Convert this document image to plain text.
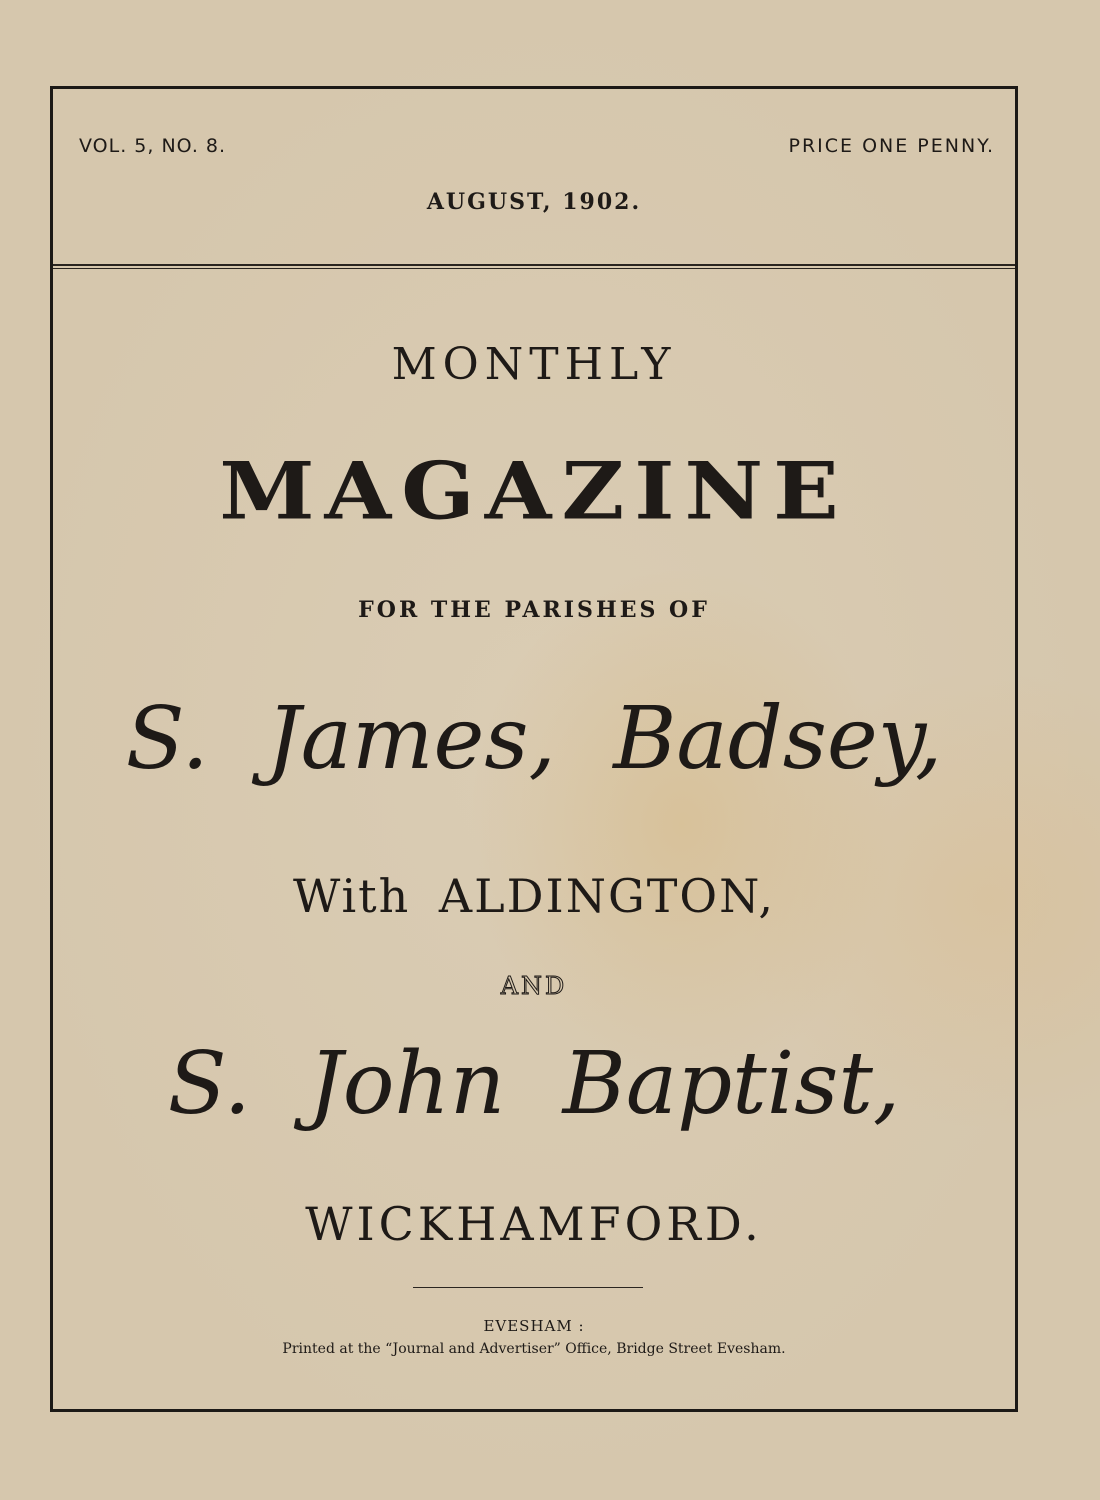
VOL. 5, NO. 8.	PRICE ONE PENNY.
AUGUST, 1902.
MONTHLY
MAGAZINE
FOR THE PARISHES OF
S. James, Badsey,
With ALDINGTON,
AND
S. John Baptist,
WICKHAMFORD.
EVESHAM :
Printed at the “Journal and Advertiser” Office, Bridge Street Evesham.
